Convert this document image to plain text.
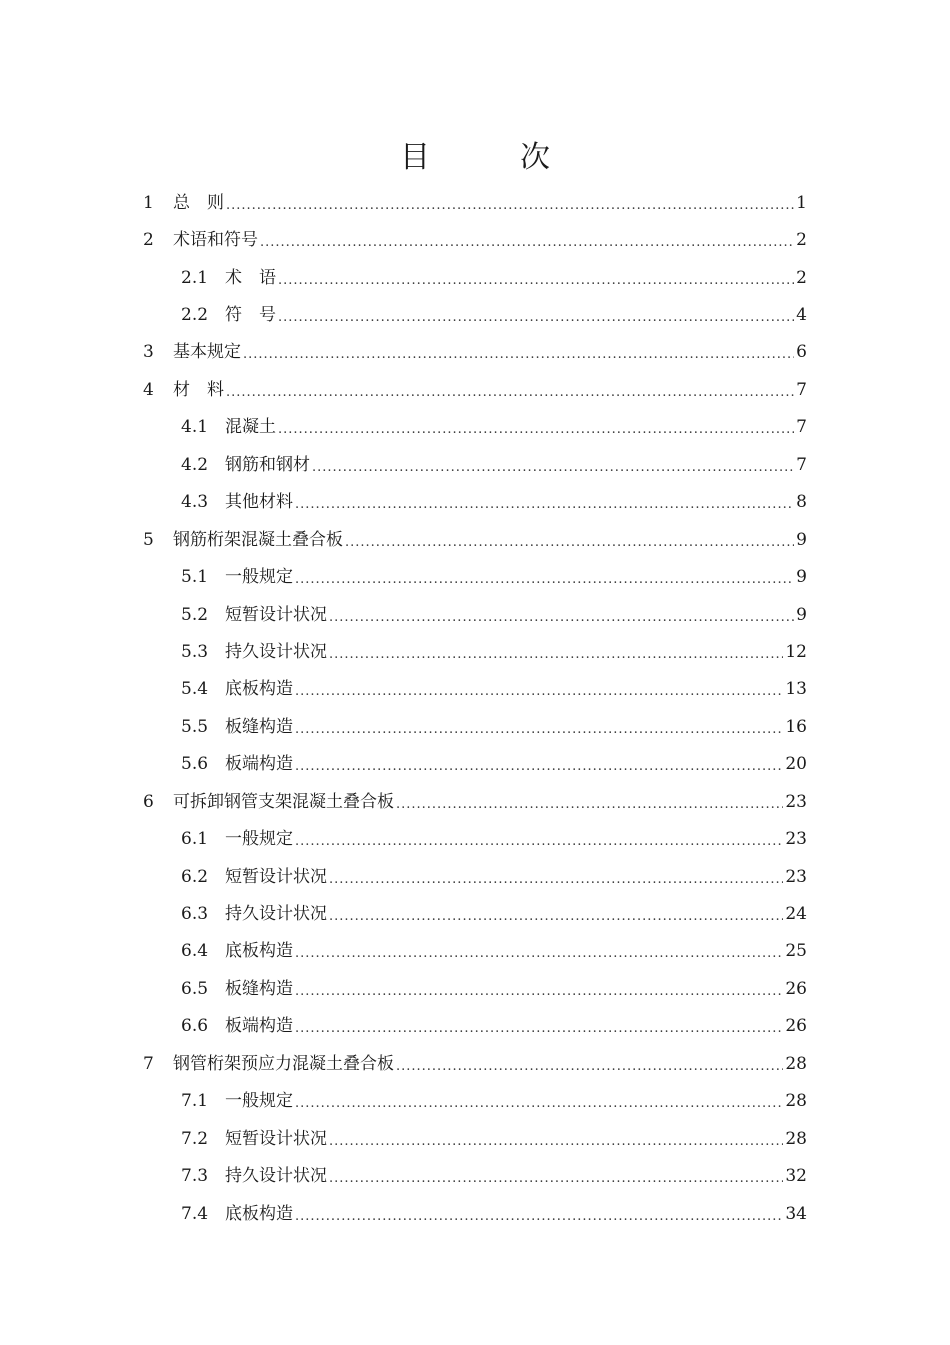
目　次
1	总　则 .....	1
2	术语和符号 .....	2
2.1 术　语 .....	2
2.2 符　号 .....	4
3	基本规定 .....	6
4	材　料 .....	7
4.1 混凝土 .....	7
4.2 钢筋和钢材 .....	7
4.3 其他材料 .....	8
5	钢筋桁架混凝土叠合板 .....	9
5.1 一般规定 .....	9
5.2 短暂设计状况 .....	9
5.3 持久设计状况 .....	12
5.4 底板构造 .....	13
5.5 板缝构造 .....	16
5.6 板端构造 .....	20
6	可拆卸钢管支架混凝土叠合板 .....	23
6.1 一般规定 .....	23
6.2 短暂设计状况 .....	23
6.3 持久设计状况 .....	24
6.4 底板构造 .....	25
6.5 板缝构造 .....	26
6.6 板端构造 .....	26
7	钢管桁架预应力混凝土叠合板 .....	28
7.1 一般规定 .....	28
7.2 短暂设计状况 .....	28
7.3 持久设计状况 .....	32
7.4 底板构造 .....	34
